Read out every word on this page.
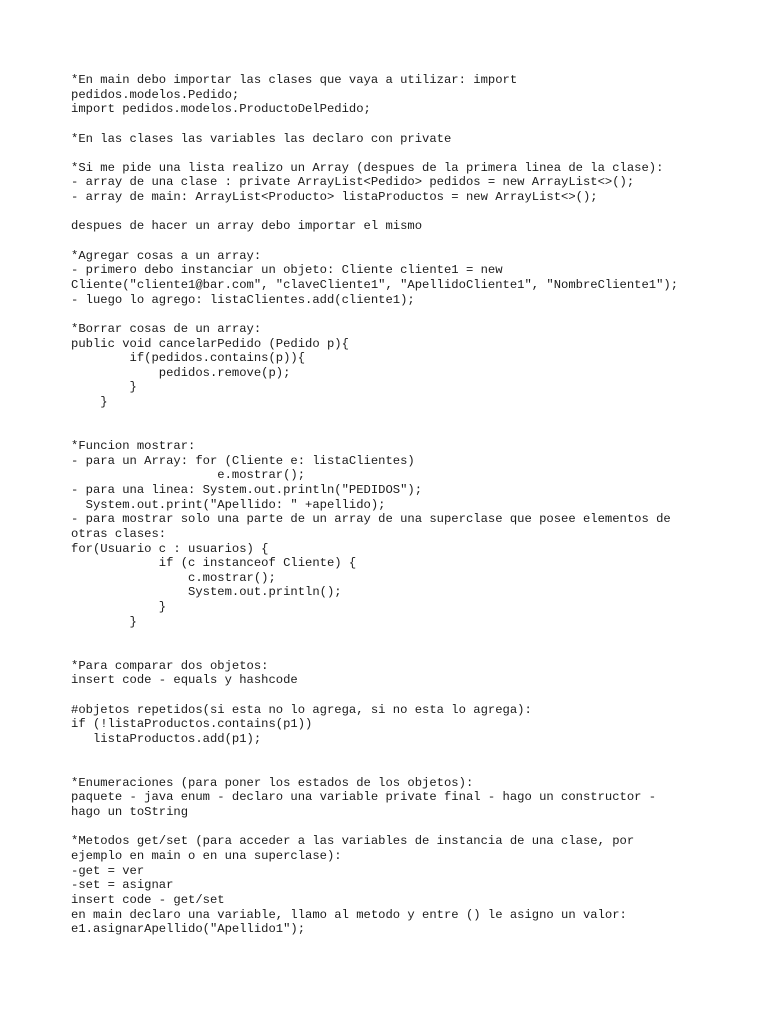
*En main debo importar las clases que vaya a utilizar: import
pedidos.modelos.Pedido;
import pedidos.modelos.ProductoDelPedido;
*En las clases las variables las declaro con private
*Si me pide una lista realizo un Array (despues de la primera linea de la clase):
- array de una clase : private ArrayList<Pedido> pedidos = new ArrayList<>();
- array de main: ArrayList<Producto> listaProductos = new ArrayList<>();
despues de hacer un array debo importar el mismo
*Agregar cosas a un array:
- primero debo instanciar un objeto: Cliente cliente1 = new
Cliente("cliente1@bar.com", "claveCliente1", "ApellidoCliente1", "NombreCliente1");
- luego lo agrego: listaClientes.add(cliente1);
*Borrar cosas de un array:
public void cancelarPedido (Pedido p){
if(pedidos.contains(p)){
pedidos.remove(p);
}
}
*Funcion mostrar:
- para un Array: for (Cliente e: listaClientes)
e.mostrar();
- para una linea: System.out.println("PEDIDOS");
System.out.print("Apellido: " +apellido);
- para mostrar solo una parte de un array de una superclase que posee elementos de
otras clases:
for(Usuario c : usuarios) {
if (c instanceof Cliente) {
c.mostrar();
System.out.println();
}
}
*Para comparar dos objetos:
insert code - equals y hashcode
#objetos repetidos(si esta no lo agrega, si no esta lo agrega):
if (!listaProductos.contains(p1))
listaProductos.add(p1);
*Enumeraciones (para poner los estados de los objetos):
paquete - java enum - declaro una variable private final - hago un constructor -
hago un toString
*Metodos get/set (para acceder a las variables de instancia de una clase, por
ejemplo en main o en una superclase):
-get = ver
-set = asignar
insert code - get/set
en main declaro una variable, llamo al metodo y entre () le asigno un valor:
e1.asignarApellido("Apellido1");
